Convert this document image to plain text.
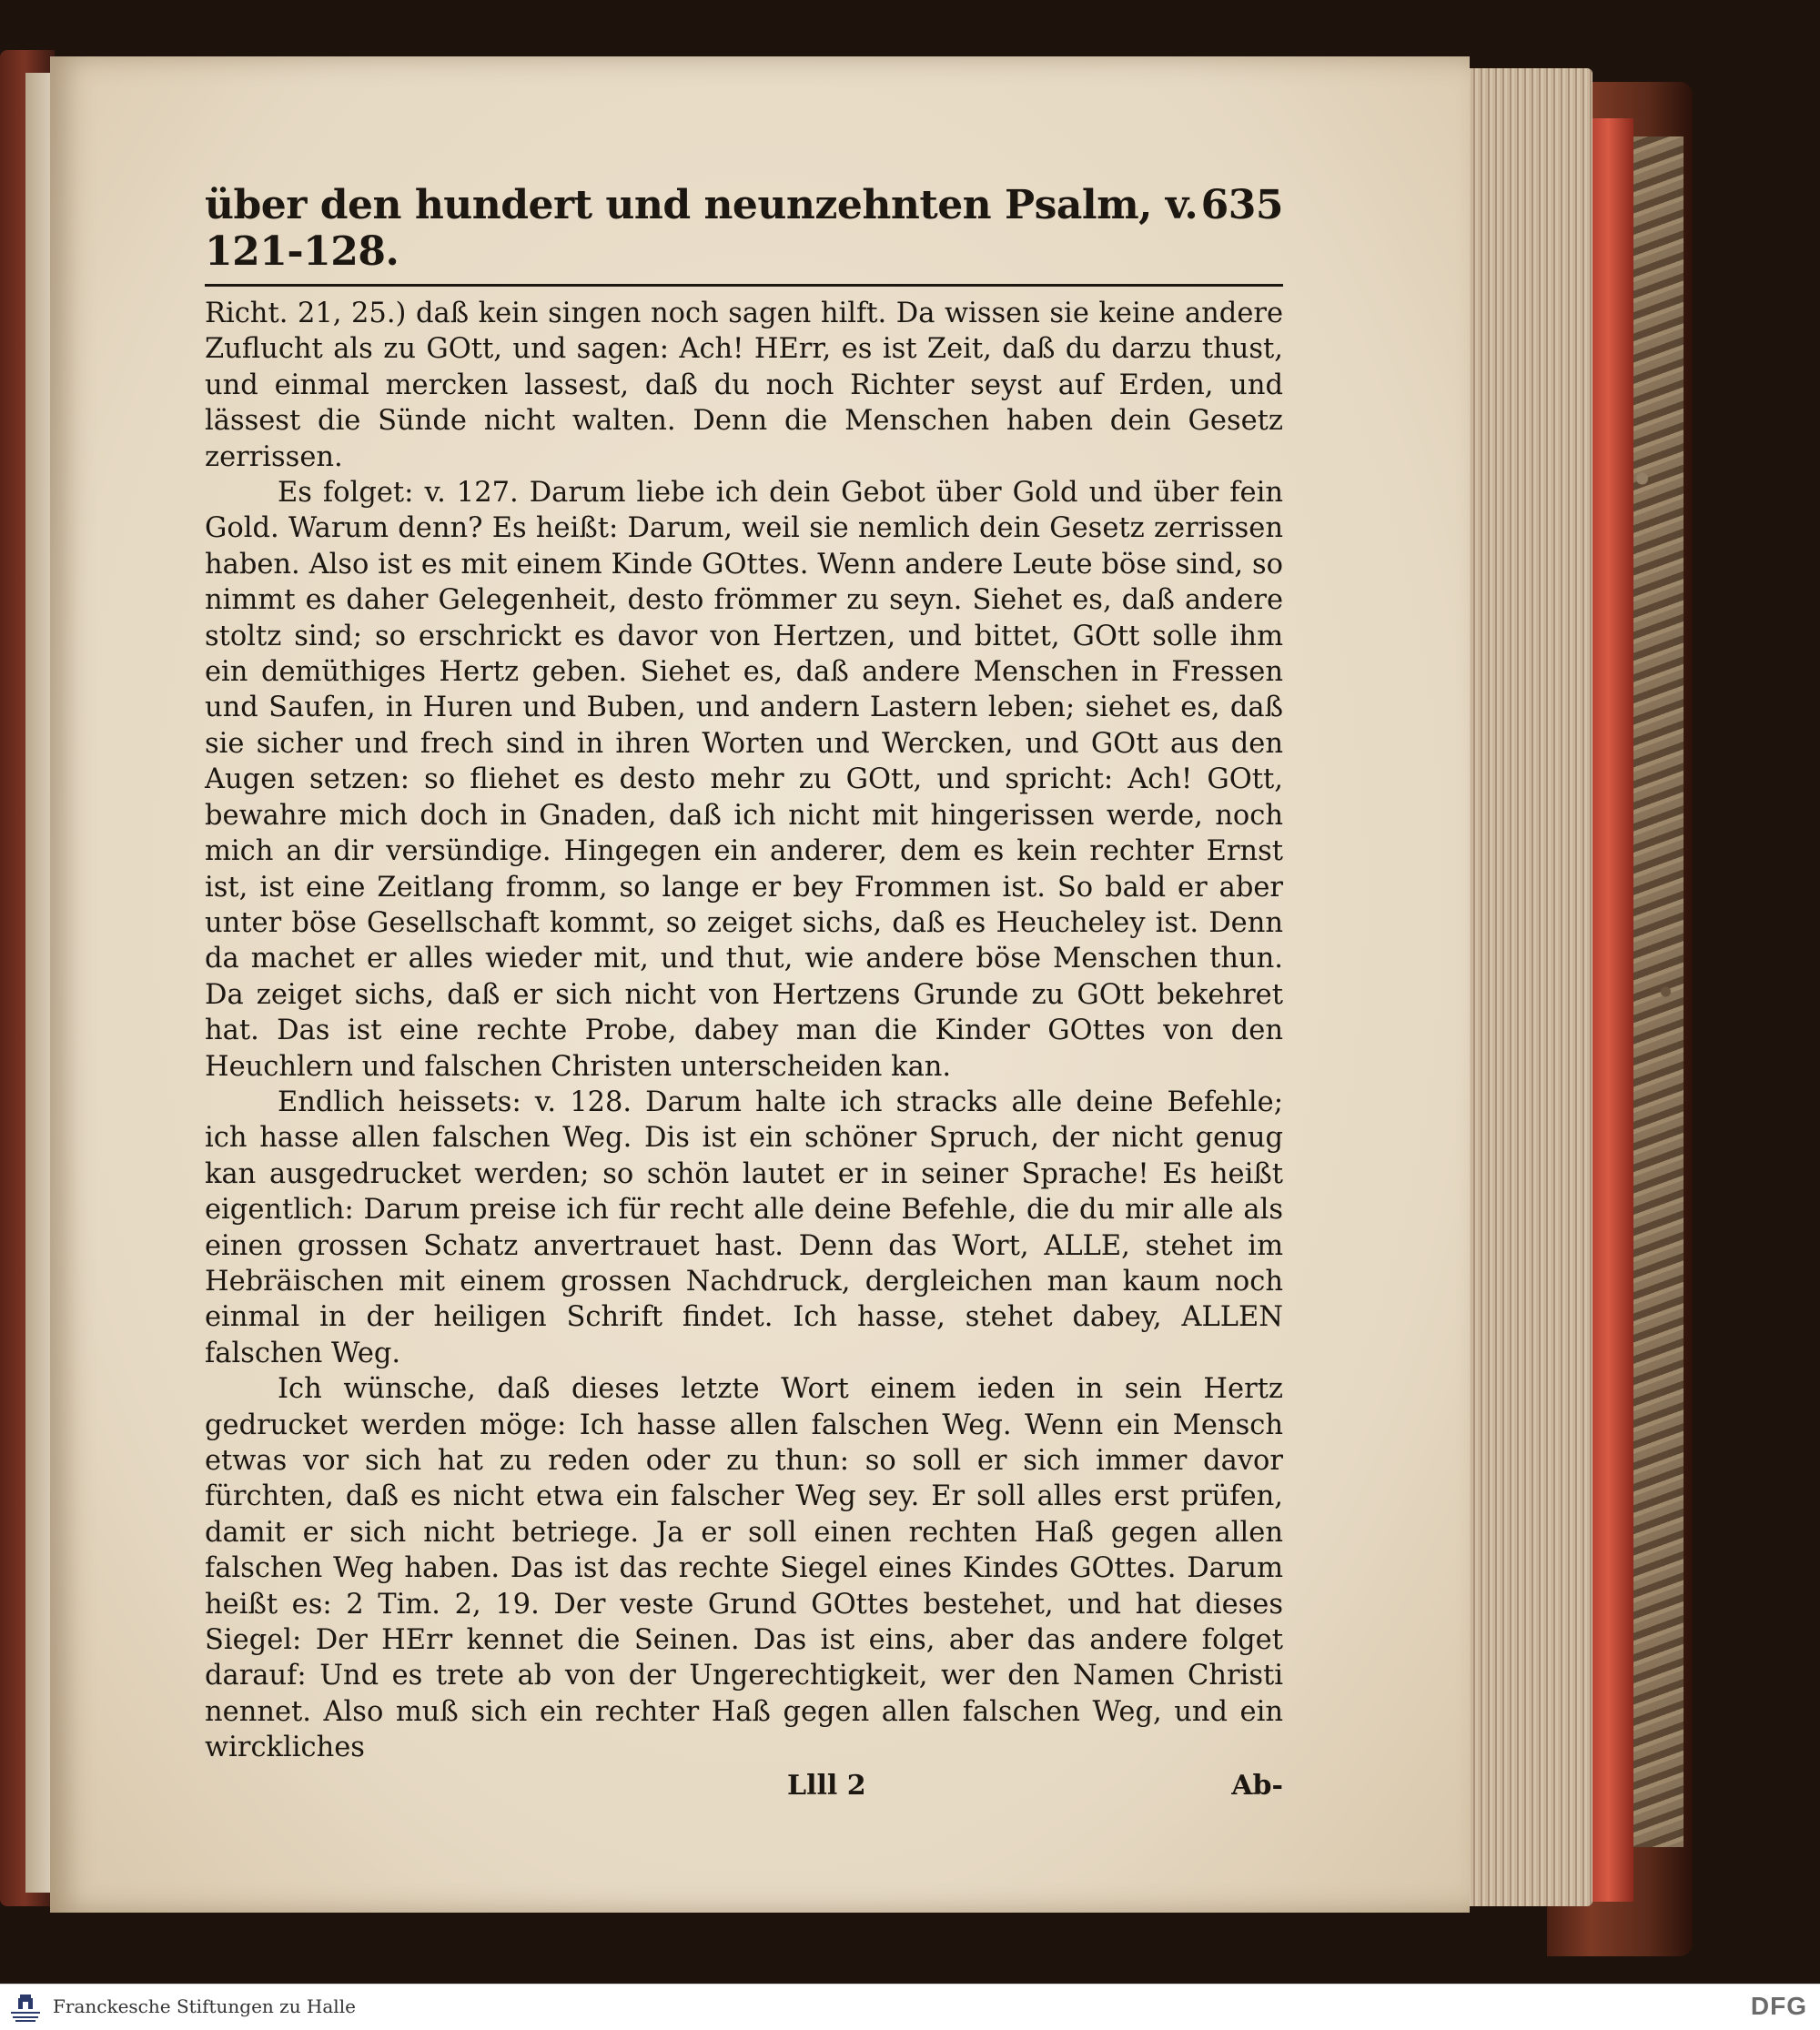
über den hundert und neunzehnten Psalm, v. 121-128.
635

Richt. 21, 25.) daß kein singen noch sagen hilft. Da wissen sie keine andere Zuflucht als zu GOtt, und sagen: Ach! HErr, es ist Zeit, daß du darzu thust, und einmal mercken lassest, daß du noch Richter seyst auf Erden, und lässest die Sünde nicht walten. Denn die Menschen haben dein Gesetz zerrissen.

Es folget: v. 127. Darum liebe ich dein Gebot über Gold und über fein Gold. Warum denn? Es heißt: Darum, weil sie nemlich dein Gesetz zerrissen haben. Also ist es mit einem Kinde GOttes. Wenn andere Leute böse sind, so nimmt es daher Gelegenheit, desto frömmer zu seyn. Siehet es, daß andere stoltz sind; so erschrickt es davor von Hertzen, und bittet, GOtt solle ihm ein demüthiges Hertz geben. Siehet es, daß andere Menschen in Fressen und Saufen, in Huren und Buben, und andern Lastern leben; siehet es, daß sie sicher und frech sind in ihren Worten und Wercken, und GOtt aus den Augen setzen: so fliehet es desto mehr zu GOtt, und spricht: Ach! GOtt, bewahre mich doch in Gnaden, daß ich nicht mit hingerissen werde, noch mich an dir versündige. Hingegen ein anderer, dem es kein rechter Ernst ist, ist eine Zeitlang fromm, so lange er bey Frommen ist. So bald er aber unter böse Gesellschaft kommt, so zeiget sichs, daß es Heucheley ist. Denn da machet er alles wieder mit, und thut, wie andere böse Menschen thun. Da zeiget sichs, daß er sich nicht von Hertzens Grunde zu GOtt bekehret hat. Das ist eine rechte Probe, dabey man die Kinder GOttes von den Heuchlern und falschen Christen unterscheiden kan.

Endlich heissets: v. 128. Darum halte ich stracks alle deine Befehle; ich hasse allen falschen Weg. Dis ist ein schöner Spruch, der nicht genug kan ausgedrucket werden; so schön lautet er in seiner Sprache! Es heißt eigentlich: Darum preise ich für recht alle deine Befehle, die du mir alle als einen grossen Schatz anvertrauet hast. Denn das Wort, ALLE, stehet im Hebräischen mit einem grossen Nachdruck, dergleichen man kaum noch einmal in der heiligen Schrift findet. Ich hasse, stehet dabey, ALLEN falschen Weg.

Ich wünsche, daß dieses letzte Wort einem ieden in sein Hertz gedrucket werden möge: Ich hasse allen falschen Weg. Wenn ein Mensch etwas vor sich hat zu reden oder zu thun: so soll er sich immer davor fürchten, daß es nicht etwa ein falscher Weg sey. Er soll alles erst prüfen, damit er sich nicht betriege. Ja er soll einen rechten Haß gegen allen falschen Weg haben. Das ist das rechte Siegel eines Kindes GOttes. Darum heißt es: 2 Tim. 2, 19. Der veste Grund GOttes bestehet, und hat dieses Siegel: Der HErr kennet die Seinen. Das ist eins, aber das andere folget darauf: Und es trete ab von der Ungerechtigkeit, wer den Namen Christi nennet. Also muß sich ein rechter Haß gegen allen falschen Weg, und ein wirckliches

Llll 2	Ab-
Franckesche Stiftungen zu Halle	DFG
